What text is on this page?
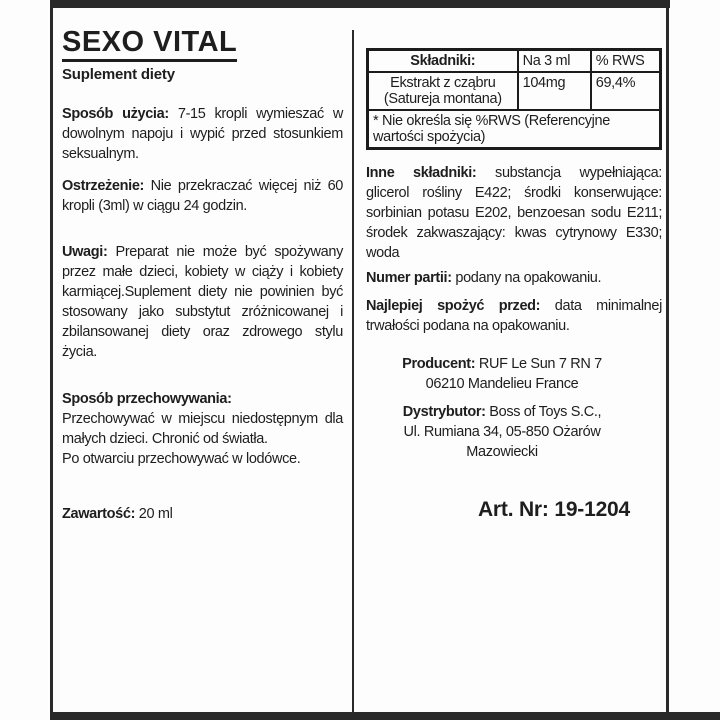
SEXO VITAL
Suplement diety

Sposób użycia: 7-15 kropli wymieszać w dowolnym napoju i wypić przed stosunkiem seksualnym.

Ostrzeżenie: Nie przekraczać więcej niż 60 kropli (3ml) w ciągu 24 godzin.

Uwagi: Preparat nie może być spożywany przez małe dzieci, kobiety w ciąży i kobiety karmiącej.Suplement diety nie powinien być stosowany jako substytut zróżnicowanej i zbilansowanej diety oraz zdrowego stylu życia.

Sposób przechowywania:
Przechowywać w miejscu niedostępnym dla małych dzieci. Chronić od światła.
Po otwarciu przechowywać w lodówce.

Zawartość: 20 ml

Składniki:	Na 3 ml	% RWS
Ekstrakt z cząbru (Satureja montana)	104mg	69,4%
* Nie określa się %RWS (Referencyjne wartości spożycia)		

Inne składniki: substancja wypełniająca: glicerol rośliny E422; środki konserwujące: sorbinian potasu E202, benzoesan sodu E211; środek zakwaszający: kwas cytrynowy E330; woda

Numer partii: podany na opakowaniu.

Najlepiej spożyć przed: data minimalnej trwałości podana na opakowaniu.

Producent: RUF Le Sun 7 RN 7
06210 Mandelieu France

Dystrybutor: Boss of Toys S.C.,
Ul. Rumiana 34, 05-850 Ożarów
Mazowiecki

Art. Nr: 19-1204
